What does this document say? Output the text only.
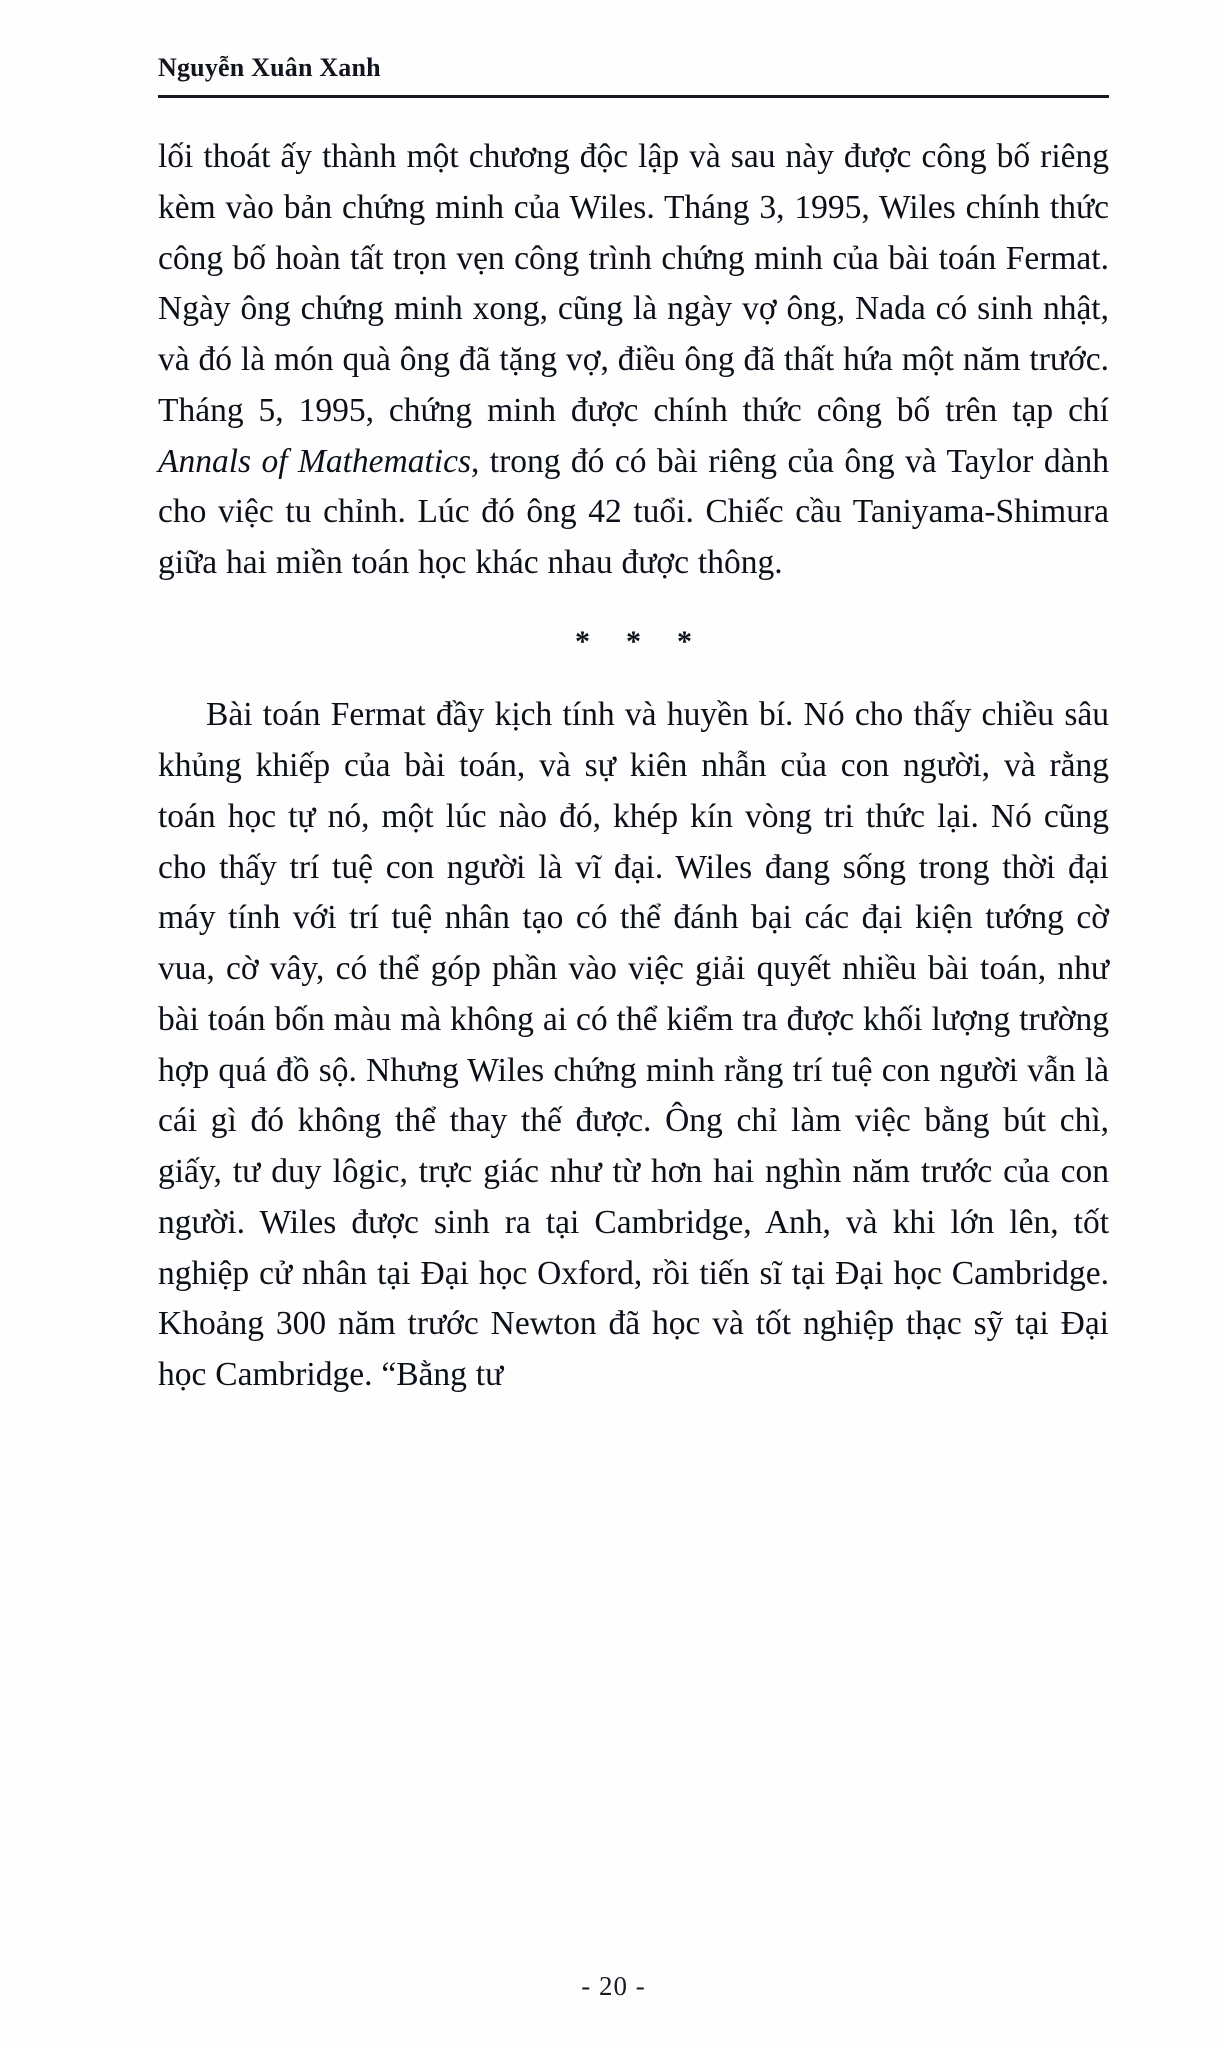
Nguyễn Xuân Xanh

lối thoát ấy thành một chương độc lập và sau này được công bố riêng kèm vào bản chứng minh của Wiles. Tháng 3, 1995, Wiles chính thức công bố hoàn tất trọn vẹn công trình chứng minh của bài toán Fermat. Ngày ông chứng minh xong, cũng là ngày vợ ông, Nada có sinh nhật, và đó là món quà ông đã tặng vợ, điều ông đã thất hứa một năm trước. Tháng 5, 1995, chứng minh được chính thức công bố trên tạp chí Annals of Mathematics, trong đó có bài riêng của ông và Taylor dành cho việc tu chỉnh. Lúc đó ông 42 tuổi. Chiếc cầu Taniyama-Shimura giữa hai miền toán học khác nhau được thông.

* * *

Bài toán Fermat đầy kịch tính và huyền bí. Nó cho thấy chiều sâu khủng khiếp của bài toán, và sự kiên nhẫn của con người, và rằng toán học tự nó, một lúc nào đó, khép kín vòng tri thức lại. Nó cũng cho thấy trí tuệ con người là vĩ đại. Wiles đang sống trong thời đại máy tính với trí tuệ nhân tạo có thể đánh bại các đại kiện tướng cờ vua, cờ vây, có thể góp phần vào việc giải quyết nhiều bài toán, như bài toán bốn màu mà không ai có thể kiểm tra được khối lượng trường hợp quá đồ sộ. Nhưng Wiles chứng minh rằng trí tuệ con người vẫn là cái gì đó không thể thay thế được. Ông chỉ làm việc bằng bút chì, giấy, tư duy lôgic, trực giác như từ hơn hai nghìn năm trước của con người. Wiles được sinh ra tại Cambridge, Anh, và khi lớn lên, tốt nghiệp cử nhân tại Đại học Oxford, rồi tiến sĩ tại Đại học Cambridge. Khoảng 300 năm trước Newton đã học và tốt nghiệp thạc sỹ tại Đại học Cambridge. “Bằng tư

- 20 -
